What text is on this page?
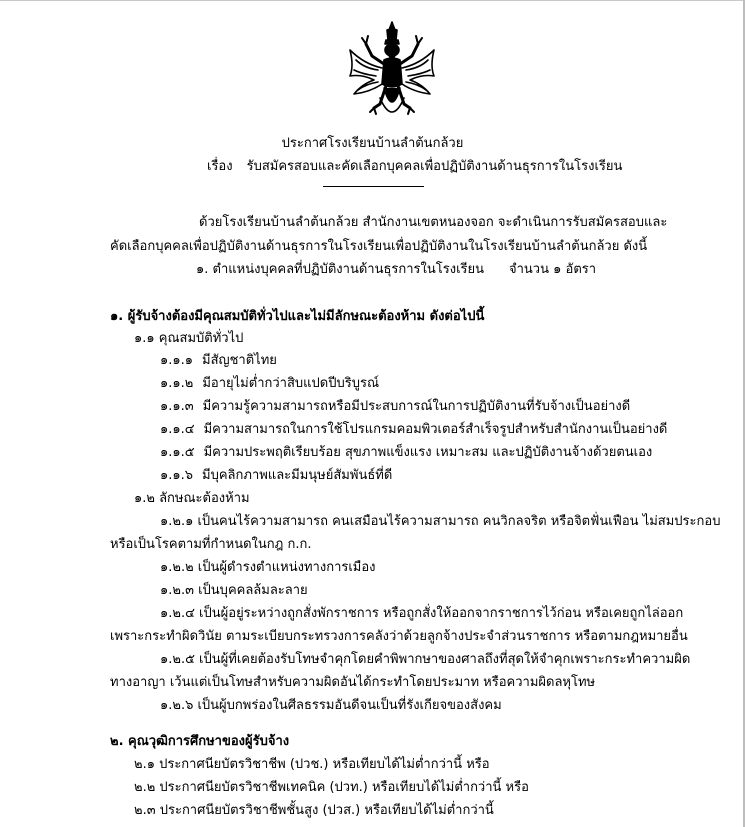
ประกาศโรงเรียนบ้านลำต้นกล้วย
เรื่อง รับสมัครสอบและคัดเลือกบุคคลเพื่อปฏิบัติงานด้านธุรการในโรงเรียน
ด้วยโรงเรียนบ้านลำต้นกล้วย สำนักงานเขตหนองจอก จะดำเนินการรับสมัครสอบและ
คัดเลือกบุคคลเพื่อปฏิบัติงานด้านธุรการในโรงเรียนเพื่อปฏิบัติงานในโรงเรียนบ้านลำต้นกล้วย ดังนี้
๑. ตำแหน่งบุคคลที่ปฏิบัติงานด้านธุรการในโรงเรียน จำนวน ๑ อัตรา
๑. ผู้รับจ้างต้องมีคุณสมบัติทั่วไปและไม่มีลักษณะต้องห้าม ดังต่อไปนี้
๑.๑ คุณสมบัติทั่วไป
๑.๑.๑ มีสัญชาติไทย
๑.๑.๒ มีอายุไม่ต่ำกว่าสิบแปดปีบริบูรณ์
๑.๑.๓ มีความรู้ความสามารถหรือมีประสบการณ์ในการปฏิบัติงานที่รับจ้างเป็นอย่างดี
๑.๑.๔ มีความสามารถในการใช้โปรแกรมคอมพิวเตอร์สำเร็จรูปสำหรับสำนักงานเป็นอย่างดี
๑.๑.๕ มีความประพฤติเรียบร้อย สุขภาพแข็งแรง เหมาะสม และปฏิบัติงานจ้างด้วยตนเอง
๑.๑.๖ มีบุคลิกภาพและมีมนุษย์สัมพันธ์ที่ดี
๑.๒ ลักษณะต้องห้าม
๑.๒.๑ เป็นคนไร้ความสามารถ คนเสมือนไร้ความสามารถ คนวิกลจริต หรือจิตฟั่นเฟือน ไม่สมประกอบ
หรือเป็นโรคตามที่กำหนดในกฎ ก.ก.
๑.๒.๒ เป็นผู้ดำรงตำแหน่งทางการเมือง
๑.๒.๓ เป็นบุคคลล้มละลาย
๑.๒.๔ เป็นผู้อยู่ระหว่างถูกสั่งพักราชการ หรือถูกสั่งให้ออกจากราชการไว้ก่อน หรือเคยถูกไล่ออก
เพราะกระทำผิดวินัย ตามระเบียบกระทรวงการคลังว่าด้วยลูกจ้างประจำส่วนราชการ หรือตามกฎหมายอื่น
๑.๒.๕ เป็นผู้ที่เคยต้องรับโทษจำคุกโดยคำพิพากษาของศาลถึงที่สุดให้จำคุกเพราะกระทำความผิด
ทางอาญา เว้นแต่เป็นโทษสำหรับความผิดอันได้กระทำโดยประมาท หรือความผิดลหุโทษ
๑.๒.๖ เป็นผู้บกพร่องในศีลธรรมอันดีจนเป็นที่รังเกียจของสังคม
๒. คุณวุฒิการศึกษาของผู้รับจ้าง
๒.๑ ประกาศนียบัตรวิชาชีพ (ปวช.) หรือเทียบได้ไม่ต่ำกว่านี้ หรือ
๒.๒ ประกาศนียบัตรวิชาชีพเทคนิค (ปวท.) หรือเทียบได้ไม่ต่ำกว่านี้ หรือ
๒.๓ ประกาศนียบัตรวิชาชีพชั้นสูง (ปวส.) หรือเทียบได้ไม่ต่ำกว่านี้
